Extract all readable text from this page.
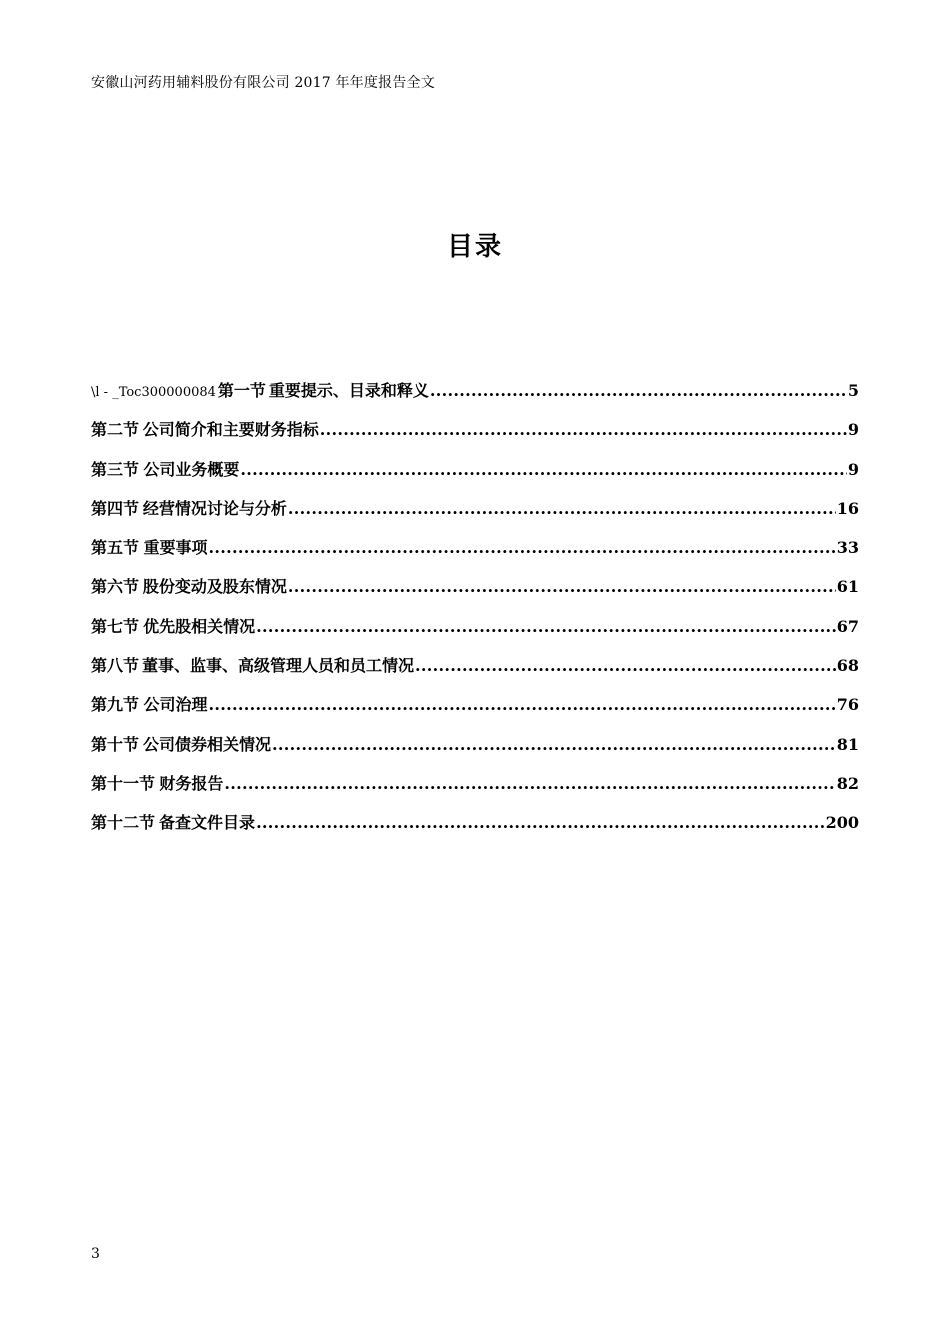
安徽山河药用辅料股份有限公司 2017 年年度报告全文
目录
\l - _Toc300000084 第一节 重要提示、目录和释义 .....	5
第二节 公司简介和主要财务指标 .....	9
第三节 公司业务概要 .....	9
第四节 经营情况讨论与分析 .....	16
第五节 重要事项 .....	33
第六节 股份变动及股东情况 .....	61
第七节 优先股相关情况 .....	67
第八节 董事、监事、高级管理人员和员工情况 .....	68
第九节 公司治理 .....	76
第十节 公司债券相关情况 .....	81
第十一节 财务报告 .....	82
第十二节 备查文件目录 .....	200
3
